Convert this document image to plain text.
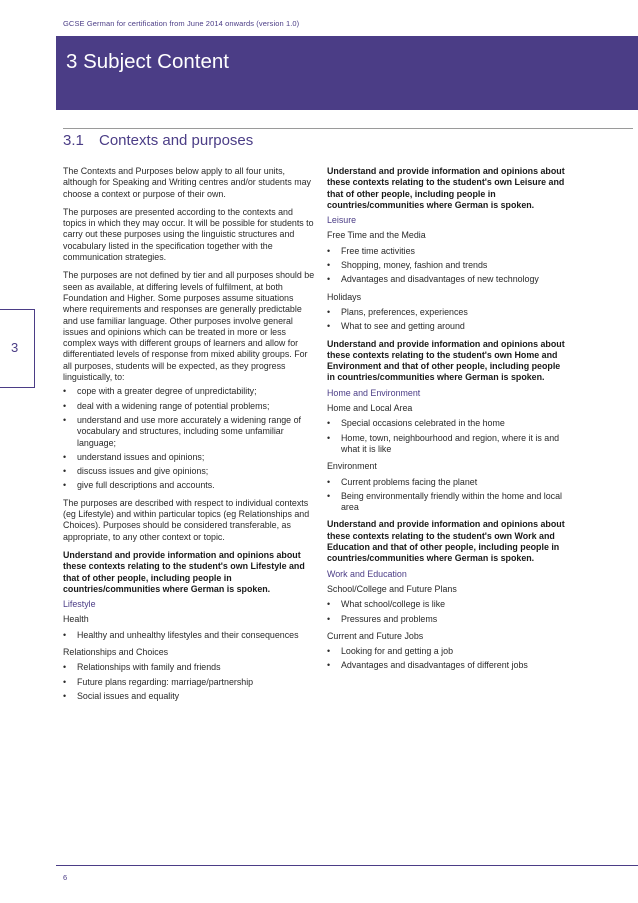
GCSE German for certification from June 2014 onwards (version 1.0)
3 Subject Content
3.1 Contexts and purposes
3

The Contexts and Purposes below apply to all four units, although for Speaking and Writing centres and/or students may choose a context or purpose of their own.

The purposes are presented according to the contexts and topics in which they may occur. It will be possible for students to carry out these purposes using the linguistic structures and vocabulary listed in the specification together with the communication strategies.

The purposes are not defined by tier and all purposes should be seen as available, at differing levels of fulfilment, at both Foundation and Higher. Some purposes assume situations where requirements and responses are generally predictable and use familiar language. Other purposes involve general issues and opinions which can be treated in more or less complex ways with different groups of learners and allow for differentiated levels of response from mixed ability groups. For all purposes, students will be expected, as they progress linguistically, to:

• cope with a greater degree of unpredictability;
• deal with a widening range of potential problems;
• understand and use more accurately a widening range of vocabulary and structures, including some unfamiliar language;
• understand issues and opinions;
• discuss issues and give opinions;
• give full descriptions and accounts.

The purposes are described with respect to individual contexts (eg Lifestyle) and within particular topics (eg Relationships and Choices). Purposes should be considered transferable, as appropriate, to any other context or topic.

Understand and provide information and opinions about these contexts relating to the student's own Lifestyle and that of other people, including people in countries/communities where German is spoken.

Lifestyle

Health

• Healthy and unhealthy lifestyles and their consequences

Relationships and Choices

• Relationships with family and friends
• Future plans regarding: marriage/partnership
• Social issues and equality

Understand and provide information and opinions about these contexts relating to the student's own Leisure and that of other people, including people in countries/communities where German is spoken.

Leisure

Free Time and the Media

• Free time activities
• Shopping, money, fashion and trends
• Advantages and disadvantages of new technology

Holidays

• Plans, preferences, experiences
• What to see and getting around

Understand and provide information and opinions about these contexts relating to the student's own Home and Environment and that of other people, including people in countries/communities where German is spoken.

Home and Environment

Home and Local Area

• Special occasions celebrated in the home
• Home, town, neighbourhood and region, where it is and what it is like

Environment

• Current problems facing the planet
• Being environmentally friendly within the home and local area

Understand and provide information and opinions about these contexts relating to the student's own Work and Education and that of other people, including people in countries/communities where German is spoken.

Work and Education

School/College and Future Plans

• What school/college is like
• Pressures and problems

Current and Future Jobs

• Looking for and getting a job
• Advantages and disadvantages of different jobs
6
